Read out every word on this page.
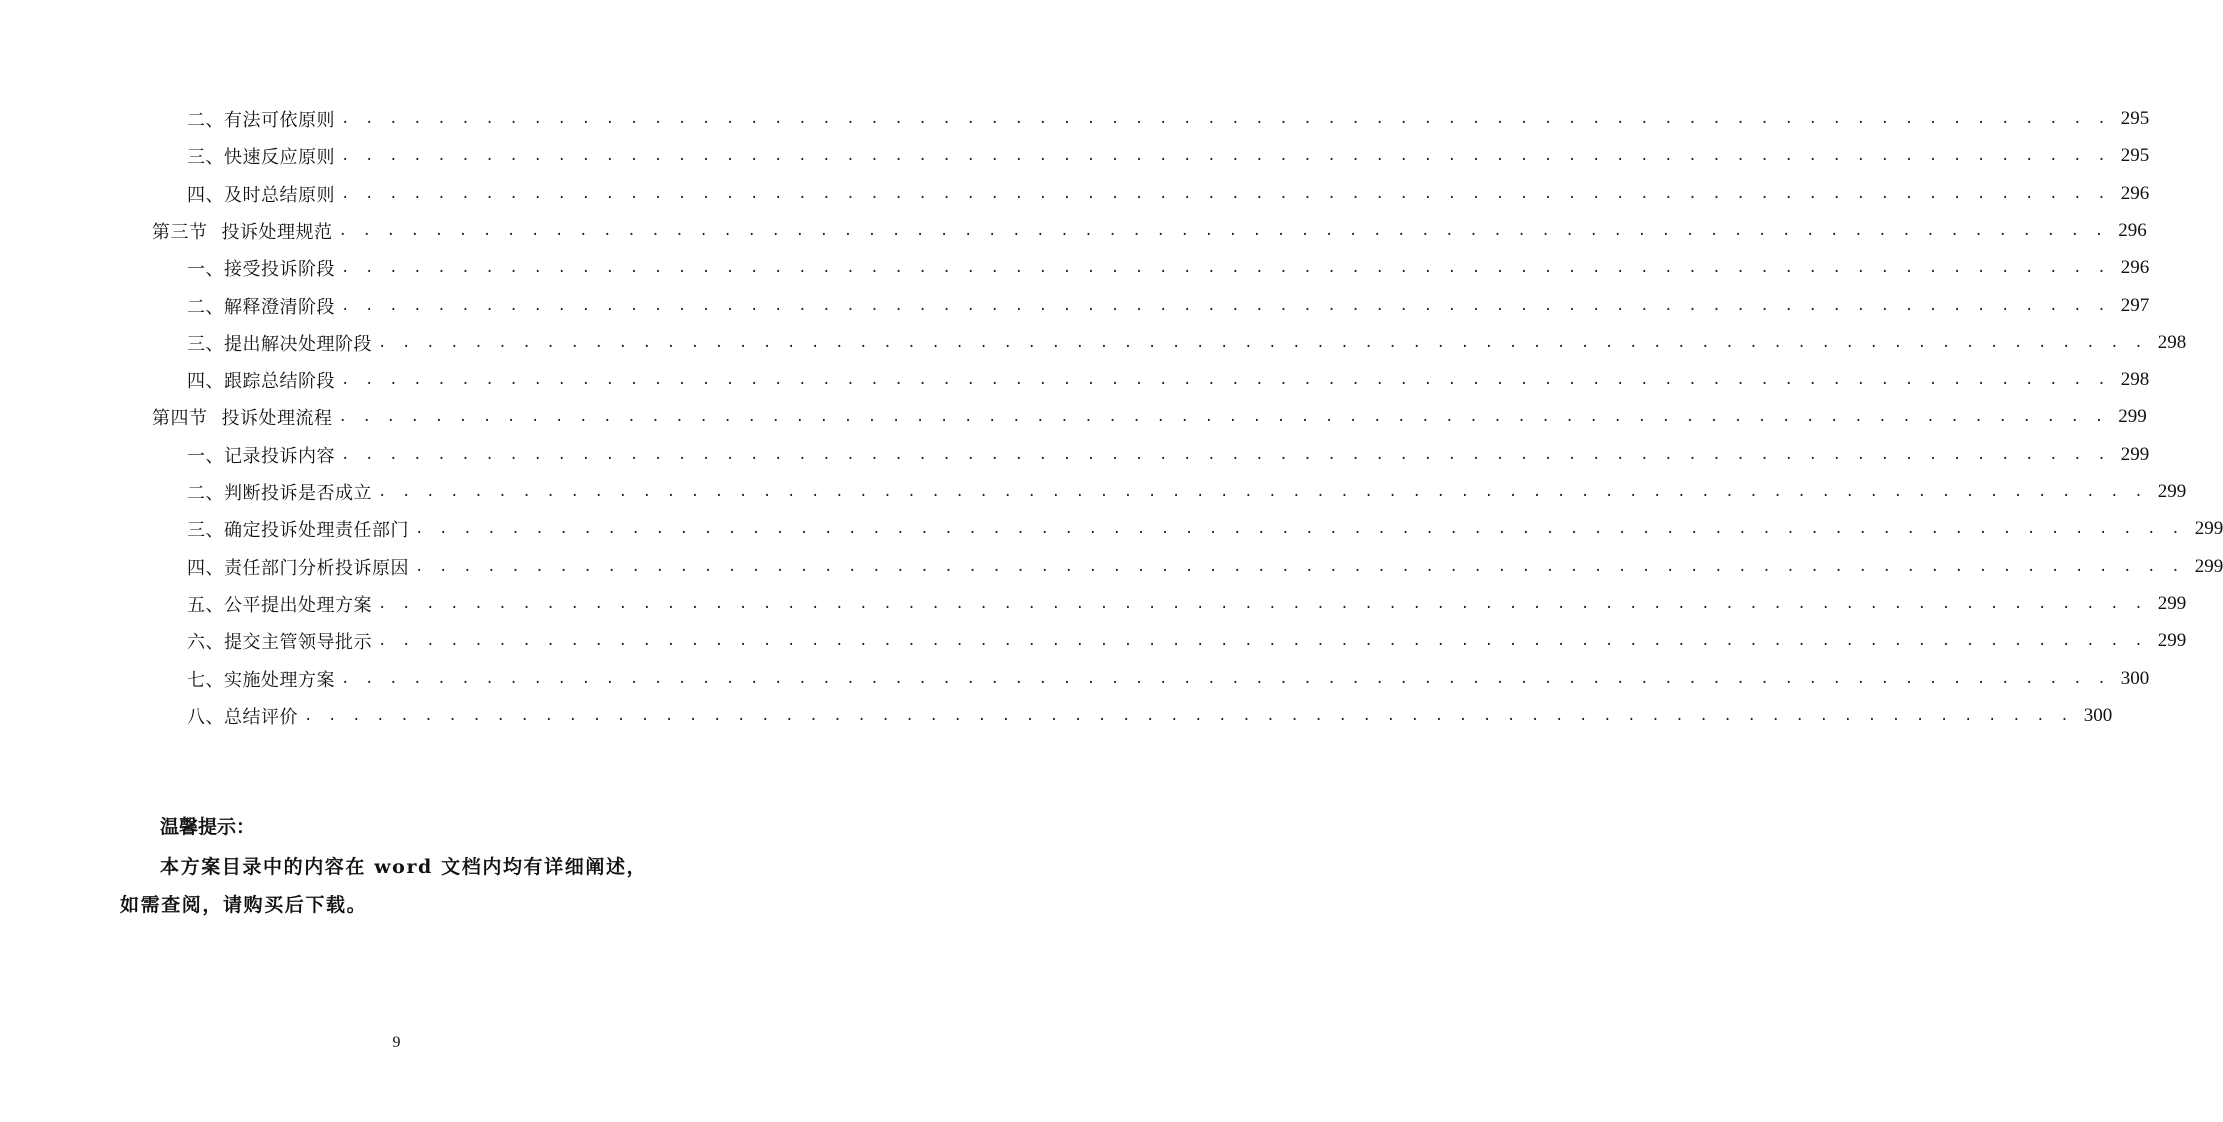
二、有法可依原则 . . . . . . . . . . . . . . . . . . . . . . . . . . . . . . . . . . . . . . . . . . . . . . . . . . . . . . . . . . . . . . . . . . . . . . . . . . 295
三、快速反应原则 . . . . . . . . . . . . . . . . . . . . . . . . . . . . . . . . . . . . . . . . . . . . . . . . . . . . . . . . . . . . . . . . . . . . . . . . . . 295
四、及时总结原则 . . . . . . . . . . . . . . . . . . . . . . . . . . . . . . . . . . . . . . . . . . . . . . . . . . . . . . . . . . . . . . . . . . . . . . . . . . 296
第三节 投诉处理规范 . . . . . . . . . . . . . . . . . . . . . . . . . . . . . . . . . . . . . . . . . . . . . . . . . . . . . . . . . . . . . . . . . . . . . . . . . . 296
一、接受投诉阶段 . . . . . . . . . . . . . . . . . . . . . . . . . . . . . . . . . . . . . . . . . . . . . . . . . . . . . . . . . . . . . . . . . . . . . . . . . . 296
二、解释澄清阶段 . . . . . . . . . . . . . . . . . . . . . . . . . . . . . . . . . . . . . . . . . . . . . . . . . . . . . . . . . . . . . . . . . . . . . . . . . . 297
三、提出解决处理阶段 . . . . . . . . . . . . . . . . . . . . . . . . . . . . . . . . . . . . . . . . . . . . . . . . . . . . . . . . . . . . . . . . . . . . . . . . . . 298
四、跟踪总结阶段 . . . . . . . . . . . . . . . . . . . . . . . . . . . . . . . . . . . . . . . . . . . . . . . . . . . . . . . . . . . . . . . . . . . . . . . . . . 298
第四节 投诉处理流程 . . . . . . . . . . . . . . . . . . . . . . . . . . . . . . . . . . . . . . . . . . . . . . . . . . . . . . . . . . . . . . . . . . . . . . . . . . 299
一、记录投诉内容 . . . . . . . . . . . . . . . . . . . . . . . . . . . . . . . . . . . . . . . . . . . . . . . . . . . . . . . . . . . . . . . . . . . . . . . . . . 299
二、判断投诉是否成立 . . . . . . . . . . . . . . . . . . . . . . . . . . . . . . . . . . . . . . . . . . . . . . . . . . . . . . . . . . . . . . . . . . . . . . . . . . 299
三、确定投诉处理责任部门 . . . . . . . . . . . . . . . . . . . . . . . . . . . . . . . . . . . . . . . . . . . . . . . . . . . . . . . . . . . . . . . . . . . . . . . . . . 299
四、责任部门分析投诉原因 . . . . . . . . . . . . . . . . . . . . . . . . . . . . . . . . . . . . . . . . . . . . . . . . . . . . . . . . . . . . . . . . . . . . . . . . . . 299
五、公平提出处理方案 . . . . . . . . . . . . . . . . . . . . . . . . . . . . . . . . . . . . . . . . . . . . . . . . . . . . . . . . . . . . . . . . . . . . . . . . . . 299
六、提交主管领导批示 . . . . . . . . . . . . . . . . . . . . . . . . . . . . . . . . . . . . . . . . . . . . . . . . . . . . . . . . . . . . . . . . . . . . . . . . . . 299
七、实施处理方案 . . . . . . . . . . . . . . . . . . . . . . . . . . . . . . . . . . . . . . . . . . . . . . . . . . . . . . . . . . . . . . . . . . . . . . . . . . 300
八、总结评价 . . . . . . . . . . . . . . . . . . . . . . . . . . . . . . . . . . . . . . . . . . . . . . . . . . . . . . . . . . . . . . . . . . . . . . . . . . 300
温馨提示：
本方案目录中的内容在 word 文档内均有详细阐述，
如需查阅，请购买后下载。
9
